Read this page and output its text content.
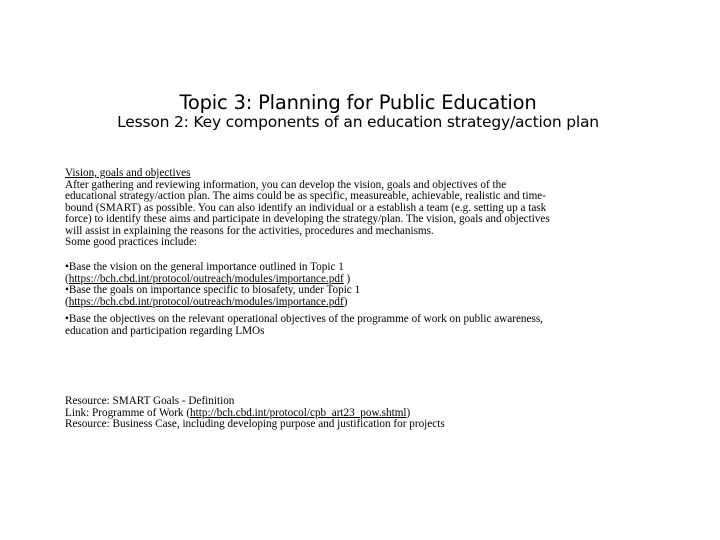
Topic 3: Planning for Public Education
Lesson 2: Key components of an education strategy/action plan
Vision, goals and objectives
After gathering and reviewing information, you can develop the vision, goals and objectives of the
educational strategy/action plan. The aims could be as specific, measureable, achievable, realistic and time-
bound (SMART) as possible. You can also identify an individual or a establish a team (e.g. setting up a task
force) to identify these aims and participate in developing the strategy/plan. The vision, goals and objectives
will assist in explaining the reasons for the activities, procedures and mechanisms.
Some good practices include:
•Base the vision on the general importance outlined in Topic 1
(https://bch.cbd.int/protocol/outreach/modules/importance.pdf )
•Base the goals on importance specific to biosafety, under Topic 1
(https://bch.cbd.int/protocol/outreach/modules/importance.pdf)
•Base the objectives on the relevant operational objectives of the programme of work on public awareness,
education and participation regarding LMOs
Resource: SMART Goals - Definition
Link: Programme of Work (http://bch.cbd.int/protocol/cpb_art23_pow.shtml)
Resource: Business Case, including developing purpose and justification for projects
